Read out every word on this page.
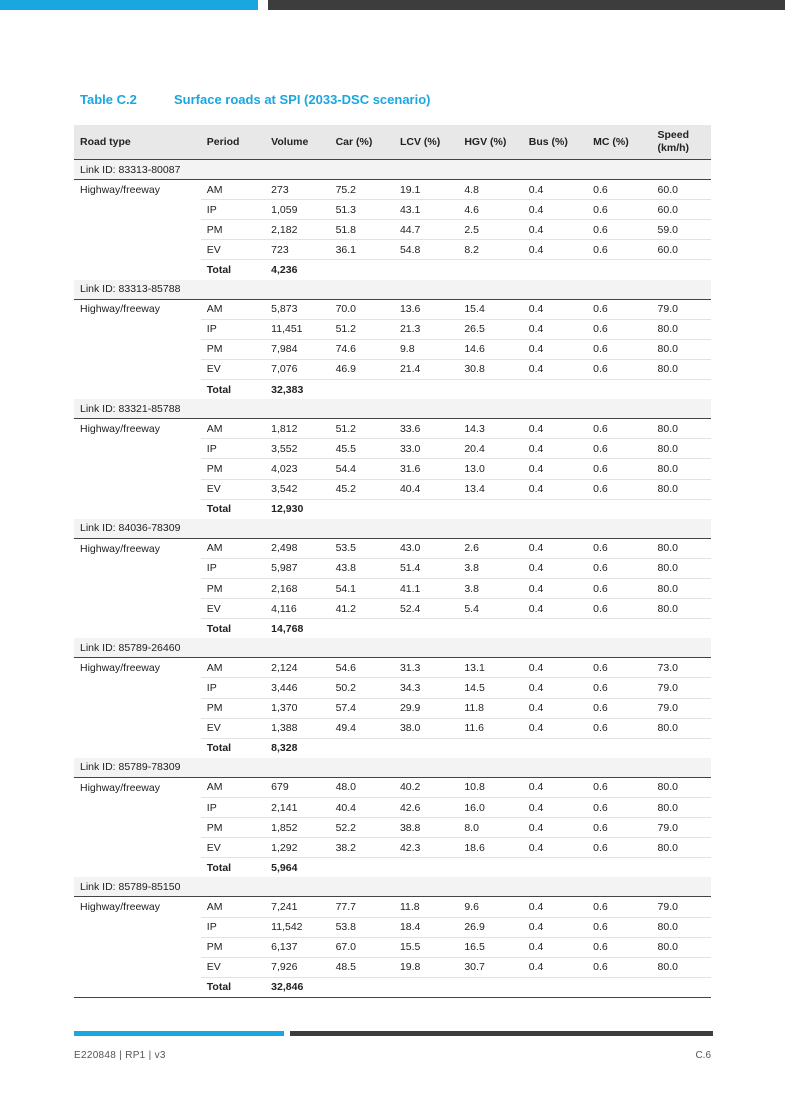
Table C.2	Surface roads at SPI (2033-DSC scenario)
Road type	Period	Volume	Car (%)	LCV (%)	HGV (%)	Bus (%)	MC (%)	Speed (km/h)
Link ID: 83313-80087								
Highway/freeway	AM	273	75.2	19.1	4.8	0.4	0.6	60.0
	IP	1,059	51.3	43.1	4.6	0.4	0.6	60.0
	PM	2,182	51.8	44.7	2.5	0.4	0.6	59.0
	EV	723	36.1	54.8	8.2	0.4	0.6	60.0
	Total	4,236						
Link ID: 83313-85788								
Highway/freeway	AM	5,873	70.0	13.6	15.4	0.4	0.6	79.0
	IP	11,451	51.2	21.3	26.5	0.4	0.6	80.0
	PM	7,984	74.6	9.8	14.6	0.4	0.6	80.0
	EV	7,076	46.9	21.4	30.8	0.4	0.6	80.0
	Total	32,383						
Link ID: 83321-85788								
Highway/freeway	AM	1,812	51.2	33.6	14.3	0.4	0.6	80.0
	IP	3,552	45.5	33.0	20.4	0.4	0.6	80.0
	PM	4,023	54.4	31.6	13.0	0.4	0.6	80.0
	EV	3,542	45.2	40.4	13.4	0.4	0.6	80.0
	Total	12,930						
Link ID: 84036-78309								
Highway/freeway	AM	2,498	53.5	43.0	2.6	0.4	0.6	80.0
	IP	5,987	43.8	51.4	3.8	0.4	0.6	80.0
	PM	2,168	54.1	41.1	3.8	0.4	0.6	80.0
	EV	4,116	41.2	52.4	5.4	0.4	0.6	80.0
	Total	14,768						
Link ID: 85789-26460								
Highway/freeway	AM	2,124	54.6	31.3	13.1	0.4	0.6	73.0
	IP	3,446	50.2	34.3	14.5	0.4	0.6	79.0
	PM	1,370	57.4	29.9	11.8	0.4	0.6	79.0
	EV	1,388	49.4	38.0	11.6	0.4	0.6	80.0
	Total	8,328						
Link ID: 85789-78309								
Highway/freeway	AM	679	48.0	40.2	10.8	0.4	0.6	80.0
	IP	2,141	40.4	42.6	16.0	0.4	0.6	80.0
	PM	1,852	52.2	38.8	8.0	0.4	0.6	79.0
	EV	1,292	38.2	42.3	18.6	0.4	0.6	80.0
	Total	5,964						
Link ID: 85789-85150								
Highway/freeway	AM	7,241	77.7	11.8	9.6	0.4	0.6	79.0
	IP	11,542	53.8	18.4	26.9	0.4	0.6	80.0
	PM	6,137	67.0	15.5	16.5	0.4	0.6	80.0
	EV	7,926	48.5	19.8	30.7	0.4	0.6	80.0
	Total	32,846						
E220848 | RP1 | v3	C.6
